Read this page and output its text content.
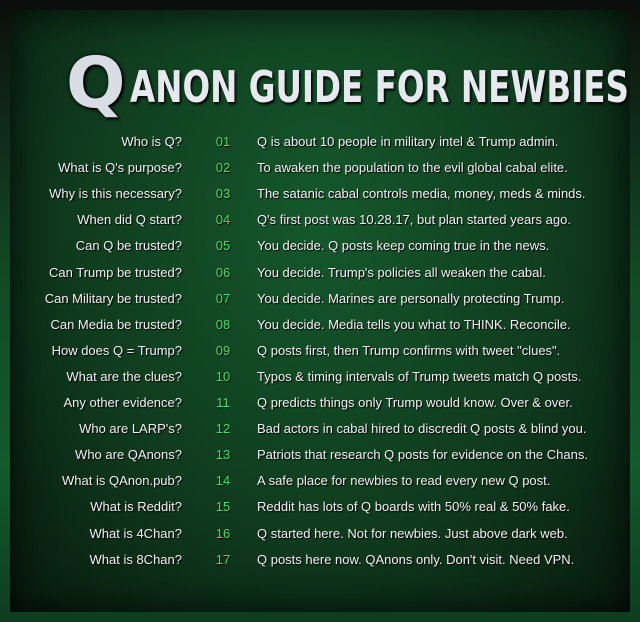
Q ANON GUIDE FOR NEWBIES
Who is Q?	01	Q is about 10 people in military intel & Trump admin.
What is Q's purpose?	02	To awaken the population to the evil global cabal elite.
Why is this necessary?	03	The satanic cabal controls media, money, meds & minds.
When did Q start?	04	Q's first post was 10.28.17, but plan started years ago.
Can Q be trusted?	05	You decide. Q posts keep coming true in the news.
Can Trump be trusted?	06	You decide. Trump's policies all weaken the cabal.
Can Military be trusted?	07	You decide. Marines are personally protecting Trump.
Can Media be trusted?	08	You decide. Media tells you what to THINK. Reconcile.
How does Q = Trump?	09	Q posts first, then Trump confirms with tweet "clues".
What are the clues?	10	Typos & timing intervals of Trump tweets match Q posts.
Any other evidence?	11	Q predicts things only Trump would know. Over & over.
Who are LARP's?	12	Bad actors in cabal hired to discredit Q posts & blind you.
Who are QAnons?	13	Patriots that research Q posts for evidence on the Chans.
What is QAnon.pub?	14	A safe place for newbies to read every new Q post.
What is Reddit?	15	Reddit has lots of Q boards with 50% real & 50% fake.
What is 4Chan?	16	Q started here. Not for newbies. Just above dark web.
What is 8Chan?	17	Q posts here now. QAnons only. Don't visit. Need VPN.
